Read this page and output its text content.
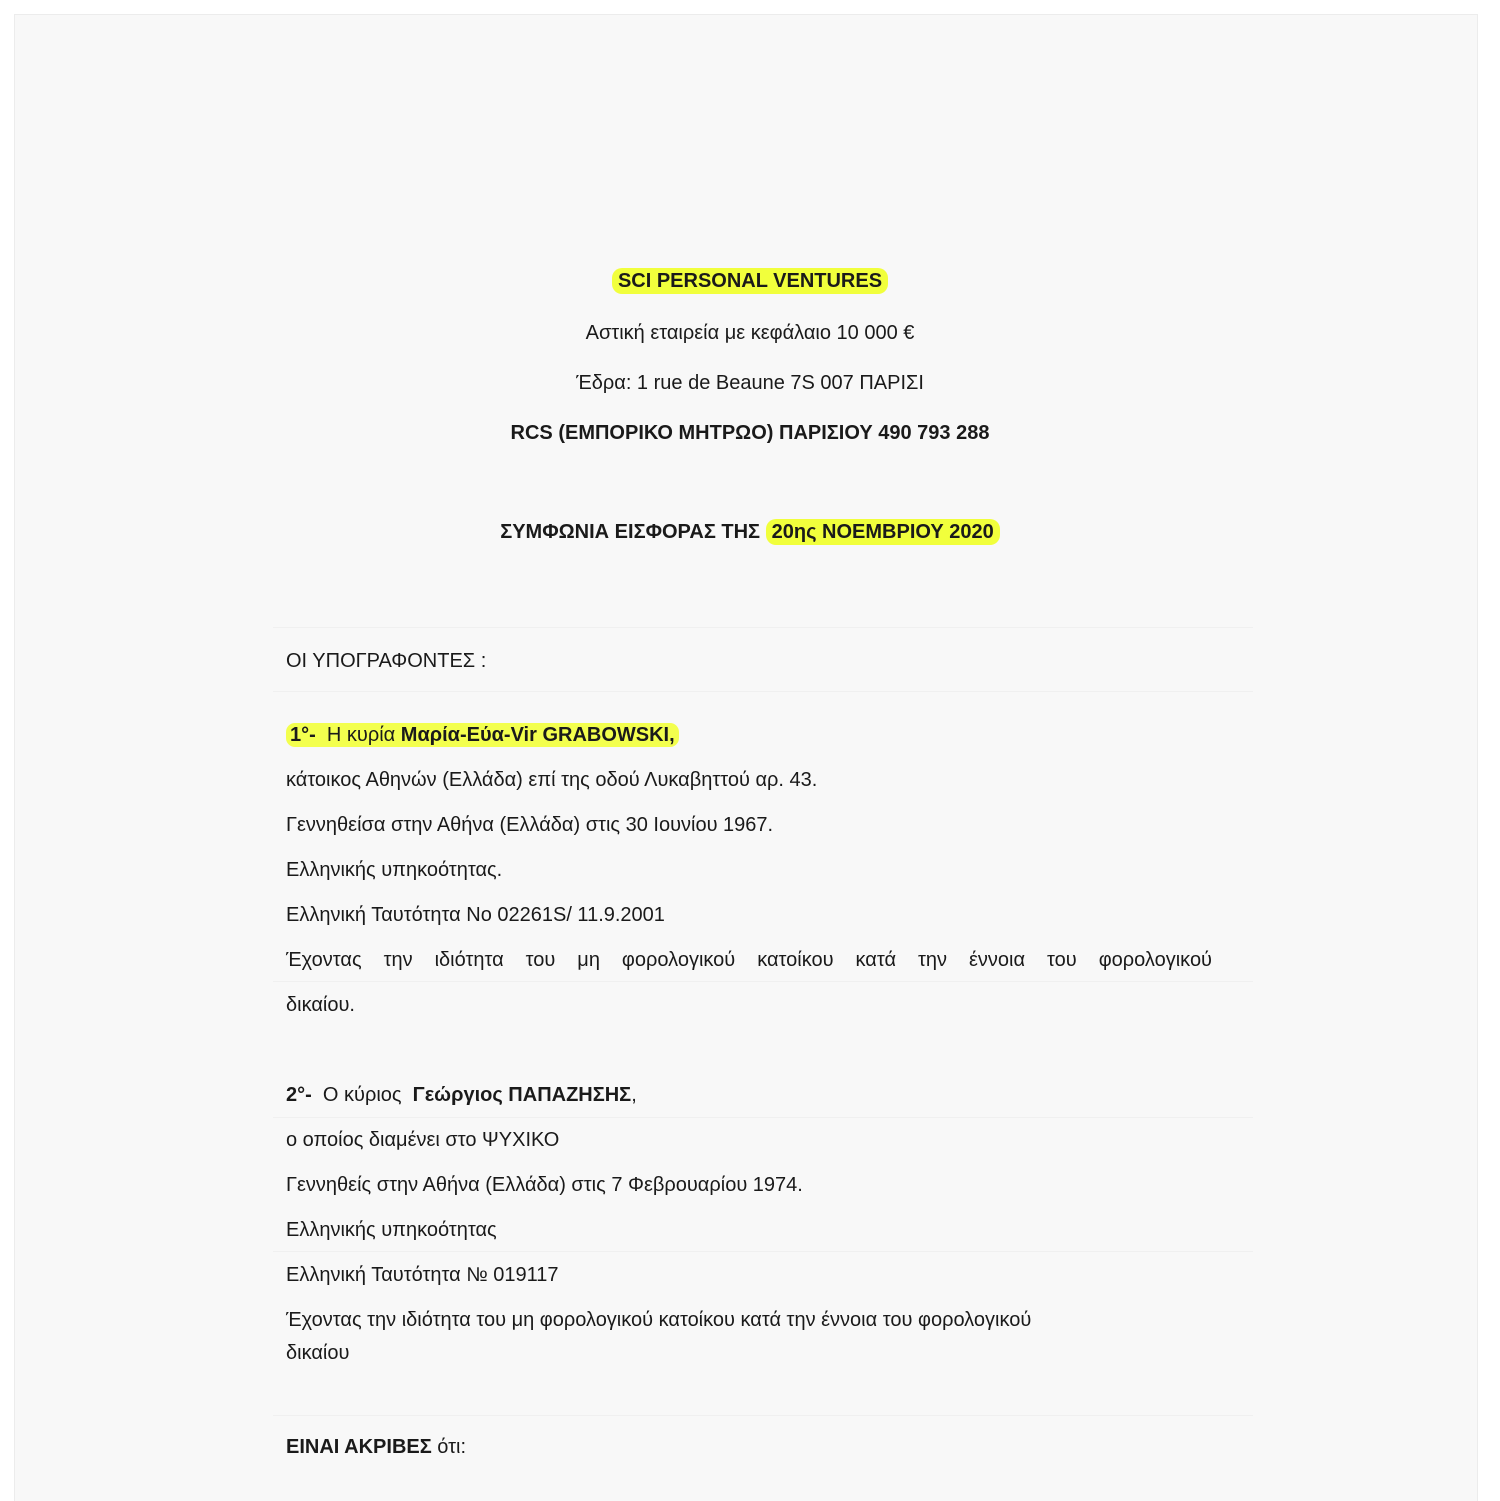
SCI PERSONAL VENTURES
Αστική εταιρεία με κεφάλαιο 10 000 €
Έδρα: 1 rue de Beaune 7S 007 ΠΑΡΙΣΙ
RCS (ΕΜΠΟΡΙΚΟ ΜΗΤΡΩΟ) ΠΑΡΙΣΙΟΥ 490 793 288
ΣΥΜΦΩΝΙΑ ΕΙΣΦΟΡΑΣ ΤΗΣ 20ης ΝΟΕΜΒΡΙΟΥ 2020
ΟΙ ΥΠΟΓΡΑΦΟΝΤΕΣ :
1°- Η κυρία Μαρία-Εύα-Vir GRABOWSKI,
κάτοικος Αθηνών (Ελλάδα) επί της οδού Λυκαβηττού αρ. 43.
Γεννηθείσα στην Αθήνα (Ελλάδα) στις 30 Ιουνίου 1967.
Ελληνικής υπηκοότητας.
Ελληνική Ταυτότητα Νο 02261S/ 11.9.2001
Έχοντας την ιδιότητα του μη φορολογικού κατοίκου κατά την έννοια του φορολογικού
δικαίου.
2°- Ο κύριος Γεώργιος ΠΑΠΑΖΗΣΗΣ,
ο οποίος διαμένει στο ΨΥΧΙΚΟ
Γεννηθείς στην Αθήνα (Ελλάδα) στις 7 Φεβρουαρίου 1974.
Ελληνικής υπηκοότητας
Ελληνική Ταυτότητα № 019117
Έχοντας την ιδιότητα του μη φορολογικού κατοίκου κατά την έννοια του φορολογικού
δικαίου
ΕΙΝΑΙ ΑΚΡΙΒΕΣ ότι:
